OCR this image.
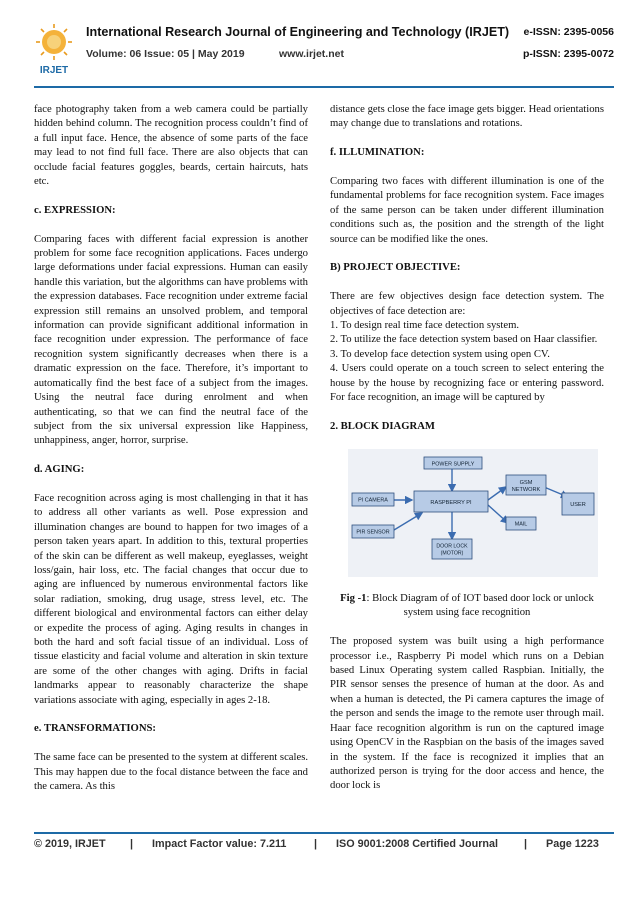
IRJET
International Research Journal of Engineering and Technology (IRJET) e-ISSN: 2395-0056
Volume: 06 Issue: 05 | May 2019	www.irjet.net	p-ISSN: 2395-0072

face photography taken from a web camera could be partially hidden behind column. The recognition process couldn’t find of a full input face. Hence, the absence of some parts of the face may lead to not find full face. There are also objects that can occlude facial features goggles, beards, certain haircuts, hats etc.

c. EXPRESSION:

Comparing faces with different facial expression is another problem for some face recognition applications. Faces undergo large deformations under facial expressions. Human can easily handle this variation, but the algorithms can have problems with the expression databases. Face recognition under extreme facial expression still remains an unsolved problem, and temporal information can provide significant additional information in face recognition under expression. The performance of face recognition system significantly decreases when there is a dramatic expression on the face. Therefore, it’s important to automatically find the best face of a subject from the images. Using the neutral face during enrolment and when authenticating, so that we can find the neutral face of the subject from the six universal expression like Happiness, unhappiness, anger, horror, surprise.

d. AGING:

Face recognition across aging is most challenging in that it has to address all other variants as well. Pose expression and illumination changes are bound to happen for two images of a person taken years apart. In addition to this, textural properties of the skin can be different as well makeup, eyeglasses, weight loss/gain, hair loss, etc. The facial changes that occur due to aging are influenced by numerous environmental factors like solar radiation, smoking, drug usage, stress level, etc. The different biological and environmental factors can either delay or expedite the process of aging. Aging results in changes in both the hard and soft facial tissue of an individual. Loss of tissue elasticity and facial volume and alteration in skin texture are some of the other changes with aging. Drifts in facial landmarks appear to reasonably characterize the shape variations associate with aging, especially in ages 2-18.

e. TRANSFORMATIONS:

The same face can be presented to the system at different scales. This may happen due to the focal distance between the face and the camera. As this

distance gets close the face image gets bigger. Head orientations may change due to translations and rotations.

f. ILLUMINATION:

Comparing two faces with different illumination is one of the fundamental problems for face recognition system. Face images of the same person can be taken under different illumination conditions such as, the position and the strength of the light source can be modified like the ones.

B) PROJECT OBJECTIVE:
There are few objectives design face detection system. The objectives of face detection are:
1. To design real time face detection system.
2. To utilize the face detection system based on Haar classifier.
3. To develop face detection system using open CV.
4. Users could operate on a touch screen to select entering the house by the house by recognizing face or entering password. For face recognition, an image will be captured by
2. BLOCK DIAGRAM
POWER SUPPLY
PI CAMERA	RASPBERRY PI
GSM
NETWORK
USER
PIR SENSOR
MAIL
DOOR LOCK
(MOTOR)
Fig -1: Block Diagram of of IOT based door lock or unlock system using face recognition

The proposed system was built using a high performance processor i.e., Raspberry Pi model which runs on a Debian based Linux Operating system called Raspbian. Initially, the PIR sensor senses the presence of human at the door. As and when a human is detected, the Pi camera captures the image of the person and sends the image to the remote user through mail. Haar face recognition algorithm is run on the captured image using OpenCV in the Raspbian on the basis of the images saved in the system. If the face is recognized it implies that an authorized person is trying for the door access and hence, the door lock is

© 2019, IRJET | Impact Factor value: 7.211	| ISO 9001:2008 Certified Journal | Page 1223
